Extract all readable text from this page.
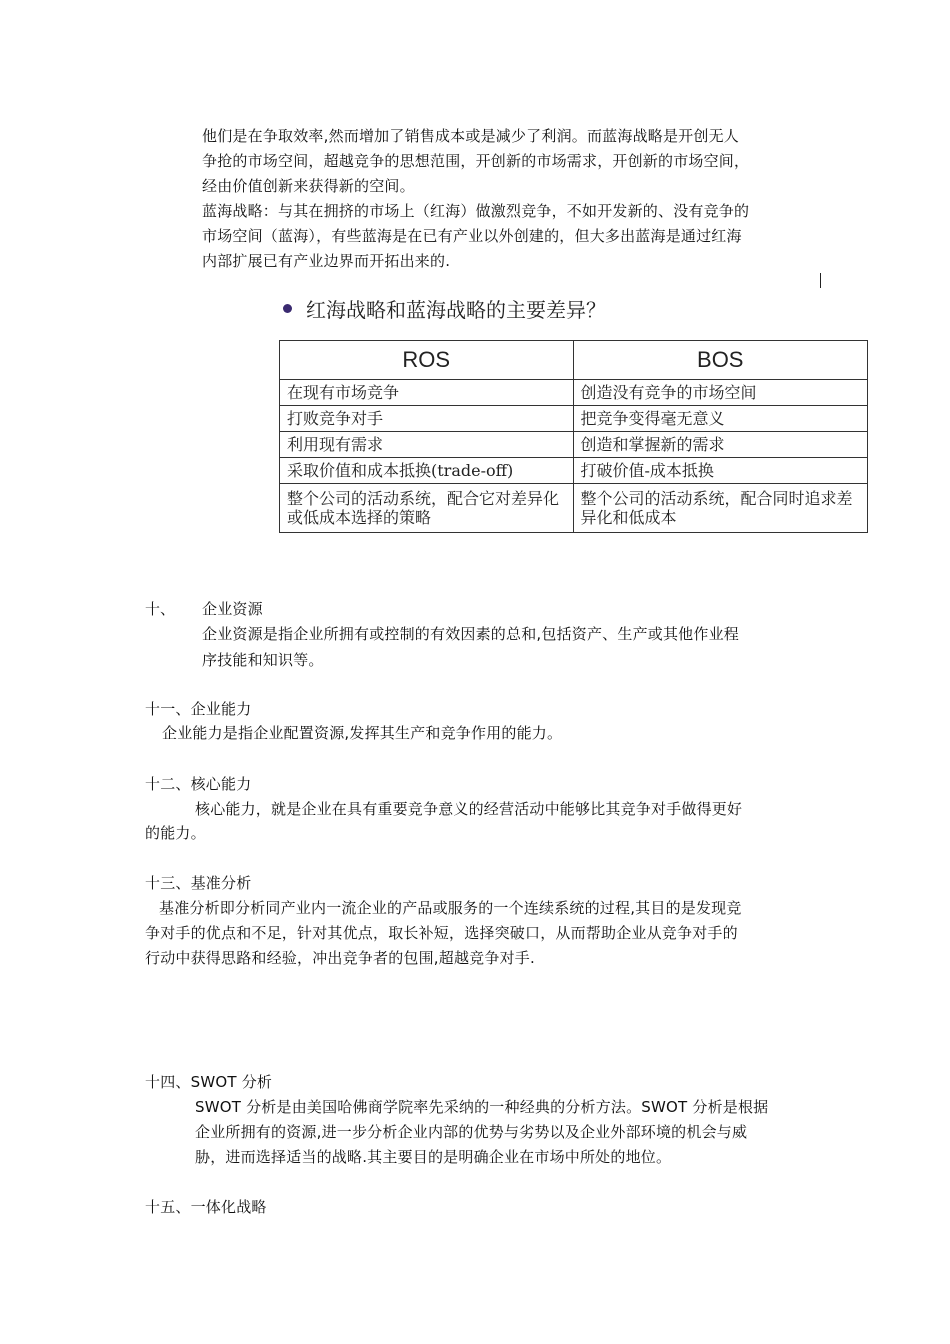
他们是在争取效率,然而增加了销售成本或是减少了利润。而蓝海战略是开创无人
争抢的市场空间，超越竞争的思想范围，开创新的市场需求，开创新的市场空间，
经由价值创新来获得新的空间。
蓝海战略：与其在拥挤的市场上（红海）做激烈竞争，不如开发新的、没有竞争的
市场空间（蓝海），有些蓝海是在已有产业以外创建的，但大多出蓝海是通过红海
内部扩展已有产业边界而开拓出来的.
红海战略和蓝海战略的主要差异？
ROS	BOS
在现有市场竞争	创造没有竞争的市场空间
打败竞争对手	把竞争变得毫无意义
利用现有需求	创造和掌握新的需求
采取价值和成本抵换(trade-off)	打破价值-成本抵换
整个公司的活动系统，配合它对差异化或低成本选择的策略	整个公司的活动系统，配合同时追求差异化和低成本
十、 企业资源
企业资源是指企业所拥有或控制的有效因素的总和,包括资产、生产或其他作业程
序技能和知识等。
十一、企业能力
企业能力是指企业配置资源,发挥其生产和竞争作用的能力。
十二、核心能力
核心能力，就是企业在具有重要竞争意义的经营活动中能够比其竞争对手做得更好
的能力。
十三、基准分析
基准分析即分析同产业内一流企业的产品或服务的一个连续系统的过程,其目的是发现竞
争对手的优点和不足，针对其优点，取长补短，选择突破口，从而帮助企业从竞争对手的
行动中获得思路和经验，冲出竞争者的包围,超越竞争对手.
十四、SWOT 分析
SWOT 分析是由美国哈佛商学院率先采纳的一种经典的分析方法。SWOT 分析是根据
企业所拥有的资源,进一步分析企业内部的优势与劣势以及企业外部环境的机会与威
胁，进而选择适当的战略.其主要目的是明确企业在市场中所处的地位。
十五、一体化战略
